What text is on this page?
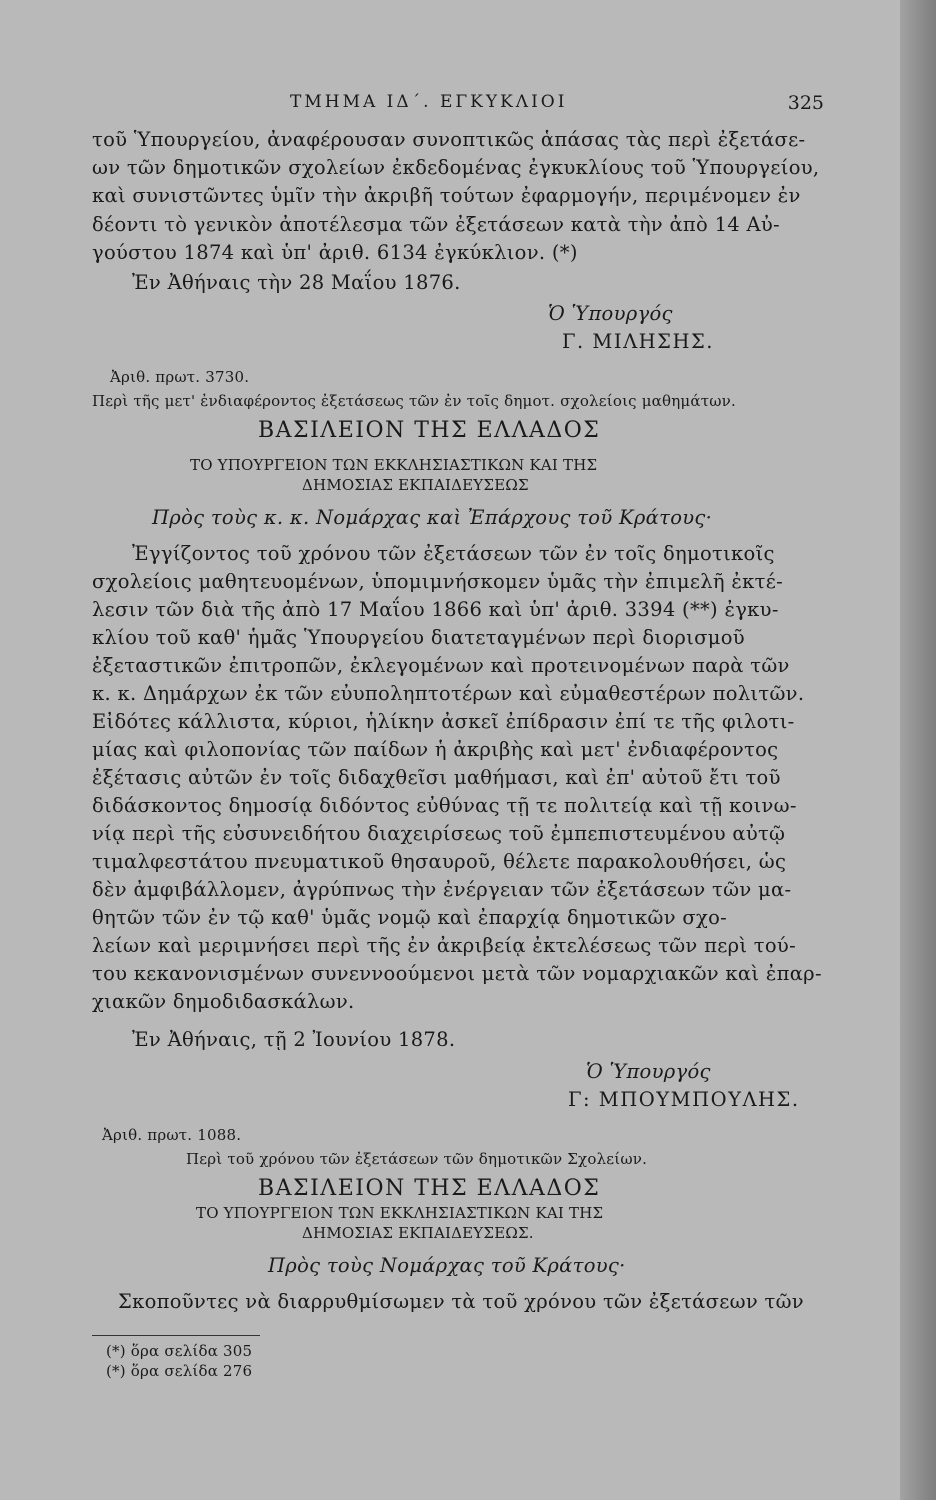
ΤΜΗΜΑ ΙΔ΄. ΕΓΚΥΚΛΙΟΙ	325
τοῦ Ὑπουργείου, ἀναφέρουσαν συνοπτικῶς ἁπάσας τὰς περὶ ἐξετάσε-
ων τῶν δημοτικῶν σχολείων ἐκδεδομένας ἐγκυκλίους τοῦ Ὑπουργείου,
καὶ συνιστῶντες ὑμῖν τὴν ἀκριβῆ τούτων ἐφαρμογήν, περιμένομεν ἐν
δέοντι τὸ γενικὸν ἀποτέλεσμα τῶν ἐξετάσεων κατὰ τὴν ἀπὸ 14 Αὐ-
γούστου 1874 καὶ ὑπ' ἀριθ. 6134 ἐγκύκλιον. (*)
Ἐν Ἀθήναις τὴν 28 Μαΐου 1876.
Ὁ Ὑπουργός
Γ. ΜΙΛΗΣΗΣ.
Ἀριθ. πρωτ. 3730.
Περὶ τῆς μετ' ἐνδιαφέροντος ἐξετάσεως τῶν ἐν τοῖς δημοτ. σχολείοις μαθημάτων.
ΒΑΣΙΛΕΙΟΝ ΤΗΣ ΕΛΛΑΔΟΣ
ΤΟ ΥΠΟΥΡΓΕΙΟΝ ΤΩΝ ΕΚΚΛΗΣΙΑΣΤΙΚΩΝ ΚΑΙ ΤΗΣ
ΔΗΜΟΣΙΑΣ ΕΚΠΑΙΔΕΥΣΕΩΣ
Πρὸς τοὺς κ. κ. Νομάρχας καὶ Ἐπάρχους τοῦ Κράτους·
Ἐγγίζοντος τοῦ χρόνου τῶν ἐξετάσεων τῶν ἐν τοῖς δημοτικοῖς
σχολείοις μαθητευομένων, ὑπομιμνήσκομεν ὑμᾶς τὴν ἐπιμελῆ ἐκτέ-
λεσιν τῶν διὰ τῆς ἀπὸ 17 Μαΐου 1866 καὶ ὑπ' ἀριθ. 3394 (**) ἐγκυ-
κλίου τοῦ καθ' ἡμᾶς Ὑπουργείου διατεταγμένων περὶ διορισμοῦ
ἐξεταστικῶν ἐπιτροπῶν, ἐκλεγομένων καὶ προτεινομένων παρὰ τῶν
κ. κ. Δημάρχων ἐκ τῶν εὐυποληπτοτέρων καὶ εὐμαθεστέρων πολιτῶν.
Εἰδότες κάλλιστα, κύριοι, ἡλίκην ἀσκεῖ ἐπίδρασιν ἐπί τε τῆς φιλοτι-
μίας καὶ φιλοπονίας τῶν παίδων ἡ ἀκριβὴς καὶ μετ' ἐνδιαφέροντος
ἐξέτασις αὐτῶν ἐν τοῖς διδαχθεῖσι μαθήμασι, καὶ ἐπ' αὐτοῦ ἔτι τοῦ
διδάσκοντος δημοσίᾳ διδόντος εὐθύνας τῇ τε πολιτείᾳ καὶ τῇ κοινω-
νίᾳ περὶ τῆς εὐσυνειδήτου διαχειρίσεως τοῦ ἐμπεπιστευμένου αὐτῷ
τιμαλφεστάτου πνευματικοῦ θησαυροῦ, θέλετε παρακολουθήσει, ὡς
δὲν ἀμφιβάλλομεν, ἀγρύπνως τὴν ἐνέργειαν τῶν ἐξετάσεων τῶν μα-
θητῶν τῶν ἐν τῷ καθ' ὑμᾶς νομῷ καὶ ἐπαρχίᾳ δημοτικῶν σχο-
λείων καὶ μεριμνήσει περὶ τῆς ἐν ἀκριβείᾳ ἐκτελέσεως τῶν περὶ τού-
του κεκανονισμένων συνεννοούμενοι μετὰ τῶν νομαρχιακῶν καὶ ἐπαρ-
χιακῶν δημοδιδασκάλων.
Ἐν Ἀθήναις, τῇ 2 Ἰουνίου 1878.
Ὁ Ὑπουργός
Γ: ΜΠΟΥΜΠΟΥΛΗΣ.
Ἀριθ. πρωτ. 1088.
Περὶ τοῦ χρόνου τῶν ἐξετάσεων τῶν δημοτικῶν Σχολείων.
ΒΑΣΙΛΕΙΟΝ ΤΗΣ ΕΛΛΑΔΟΣ
ΤΟ ΥΠΟΥΡΓΕΙΟΝ ΤΩΝ ΕΚΚΛΗΣΙΑΣΤΙΚΩΝ ΚΑΙ ΤΗΣ
ΔΗΜΟΣΙΑΣ ΕΚΠΑΙΔΕΥΣΕΩΣ.
Πρὸς τοὺς Νομάρχας τοῦ Κράτους·
Σκοποῦντες νὰ διαρρυθμίσωμεν τὰ τοῦ χρόνου τῶν ἐξετάσεων τῶν
(*) ὅρα σελίδα 305
(*) ὅρα σελίδα 276
